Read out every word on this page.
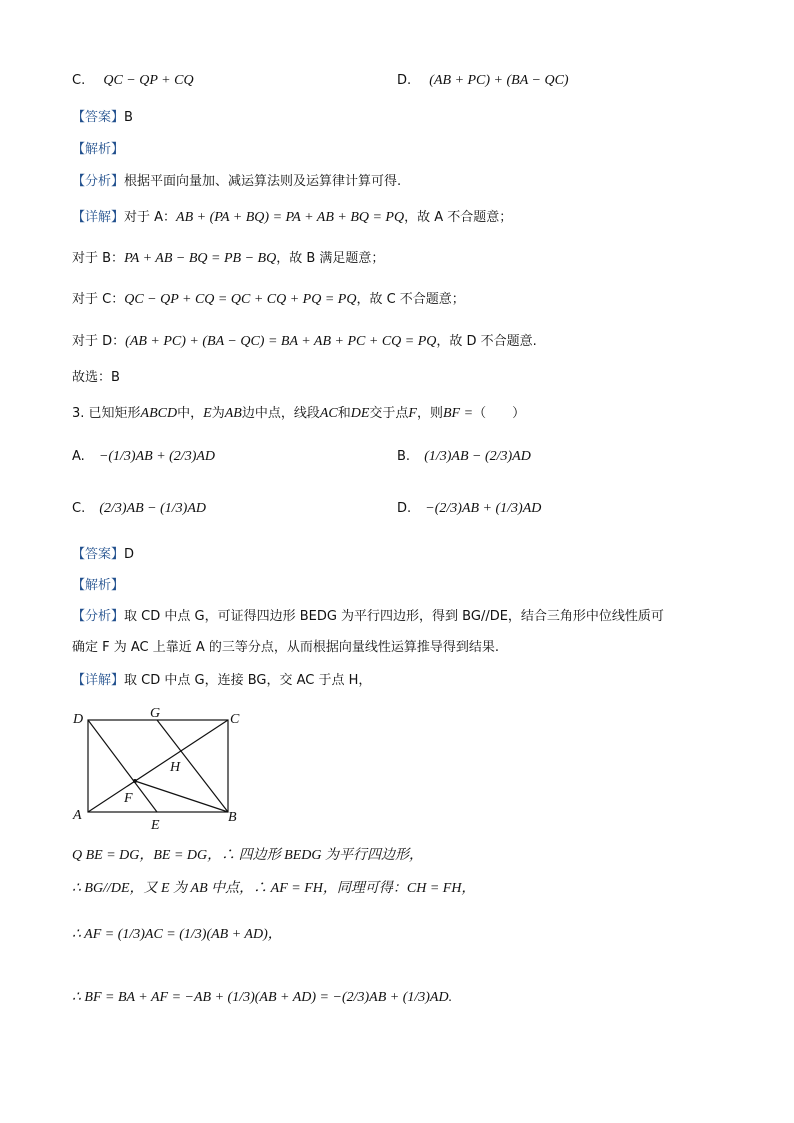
C. QC − QP + CQ	D. (AB + PC) + (BA − QC)
【答案】B
【解析】
【分析】根据平面向量加、减运算法则及运算律计算可得.
【详解】对于 A：AB + (PA + BQ) = PA + AB + BQ = PQ，故 A 不合题意；
对于 B：PA + AB − BQ = PB − BQ，故 B 满足题意；
对于 C：QC − QP + CQ = QC + CQ + PQ = PQ，故 C 不合题意；
对于 D：(AB + PC) + (BA − QC) = BA + AB + PC + CQ = PQ，故 D 不合题意.
故选：B
3. 已知矩形ABCD中，E为AB边中点，线段AC和DE交于点F，则BF =（　　）
A. −(1/3)AB + (2/3)AD	B. (1/3)AB − (2/3)AD
C. (2/3)AB − (1/3)AD	D. −(2/3)AB + (1/3)AD
【答案】D
【解析】
【分析】取 CD 中点 G，可证得四边形 BEDG 为平行四边形，得到 BG//DE，结合三角形中位线性质可
确定 F 为 AC 上靠近 A 的三等分点，从而根据向量线性运算推导得到结果.
【详解】取 CD 中点 G，连接 BG，交 AC 于点 H，
D	G	C
H
F
A
E
B
Q BE = DG，BE = DG，∴ 四边形 BEDG 为平行四边形，
∴ BG//DE，又 E 为 AB 中点，∴ AF = FH，同理可得：CH = FH，
∴ AF = (1/3)AC = (1/3)(AB + AD)，
∴ BF = BA + AF = −AB + (1/3)(AB + AD) = −(2/3)AB + (1/3)AD.
